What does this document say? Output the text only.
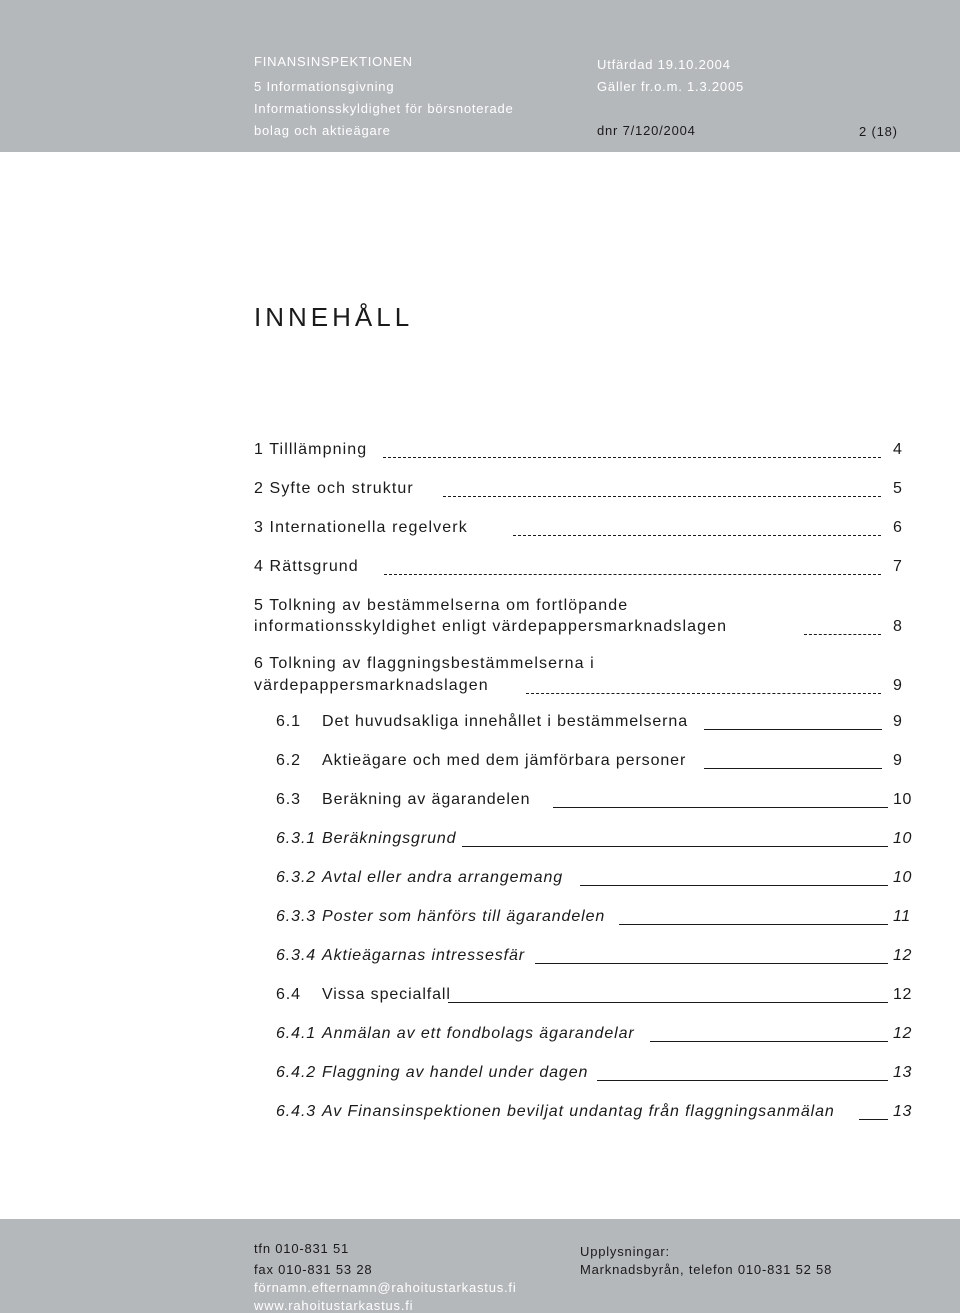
FINANSINSPEKTIONEN
5 Informationsgivning
Informationsskyldighet för börsnoterade
bolag och aktieägare
Utfärdad 19.10.2004
Gäller fr.o.m. 1.3.2005
dnr 7/120/2004	2 (18)
INNEHÅLL
1 Tilllämpning	4
2 Syfte och struktur	5
3 Internationella regelverk	6
4 Rättsgrund	7
5 Tolkning av bestämmelserna om fortlöpande
informationsskyldighet enligt värdepappersmarknadslagen	8
6 Tolkning av flaggningsbestämmelserna i
värdepappersmarknadslagen	9
6.1 Det huvudsakliga innehållet i bestämmelserna	9
6.2 Aktieägare och med dem jämförbara personer	9
6.3 Beräkning av ägarandelen	10
6.3.1 Beräkningsgrund	10
6.3.2 Avtal eller andra arrangemang	10
6.3.3 Poster som hänförs till ägarandelen	11
6.3.4 Aktieägarnas intressesfär	12
6.4 Vissa specialfall	12
6.4.1 Anmälan av ett fondbolags ägarandelar	12
6.4.2 Flaggning av handel under dagen	13
6.4.3 Av Finansinspektionen beviljat undantag från flaggningsanmälan	13
tfn 010-831 51
fax 010-831 53 28
förnamn.efternamn@rahoitustarkastus.fi
www.rahoitustarkastus.fi
Upplysningar:
Marknadsbyrån, telefon 010-831 52 58
